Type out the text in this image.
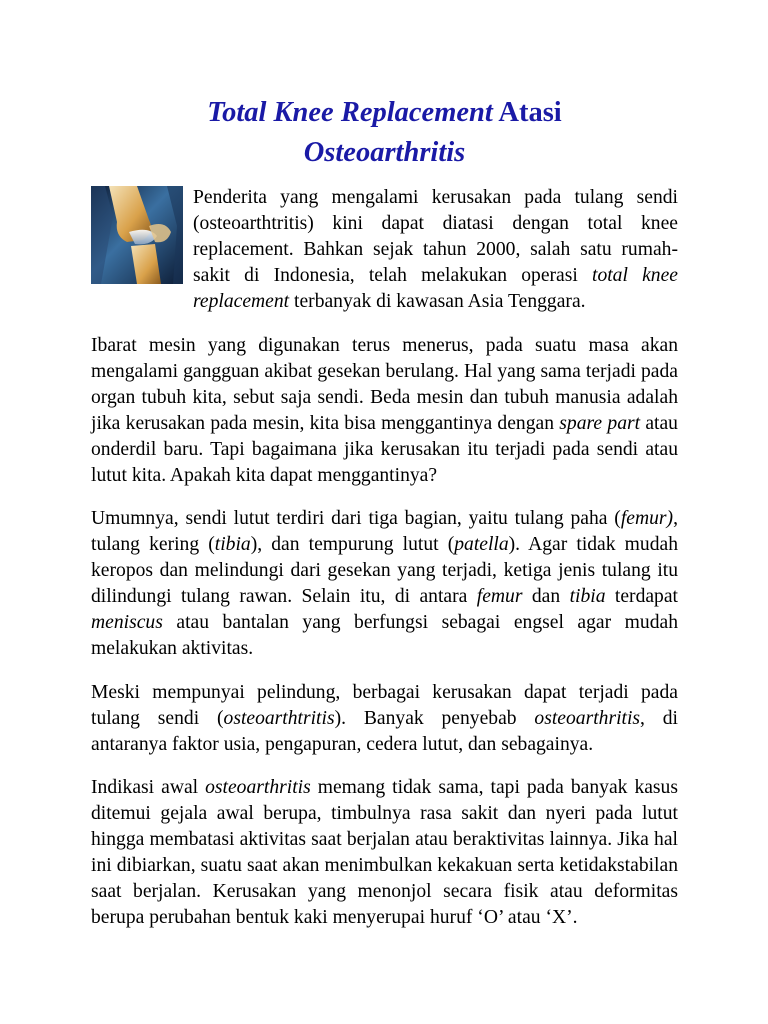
Total Knee Replacement Atasi
Osteoarthritis

Penderita yang mengalami kerusakan pada tulang sendi (osteoarthtritis) kini dapat diatasi dengan total knee replacement. Bahkan sejak tahun 2000, salah satu rumah-sakit di Indonesia, telah melakukan operasi total knee replacement terbanyak di kawasan Asia Tenggara.

Ibarat mesin yang digunakan terus menerus, pada suatu masa akan mengalami gangguan akibat gesekan berulang. Hal yang sama terjadi pada organ tubuh kita, sebut saja sendi. Beda mesin dan tubuh manusia adalah jika kerusakan pada mesin, kita bisa menggantinya dengan spare part atau onderdil baru. Tapi bagaimana jika kerusakan itu terjadi pada sendi atau lutut kita. Apakah kita dapat menggantinya?

Umumnya, sendi lutut terdiri dari tiga bagian, yaitu tulang paha (femur), tulang kering (tibia), dan tempurung lutut (patella). Agar tidak mudah keropos dan melindungi dari gesekan yang terjadi, ketiga jenis tulang itu dilindungi tulang rawan. Selain itu, di antara femur dan tibia terdapat meniscus atau bantalan yang berfungsi sebagai engsel agar mudah melakukan aktivitas.

Meski mempunyai pelindung, berbagai kerusakan dapat terjadi pada tulang sendi (osteoarthtritis). Banyak penyebab osteoarthritis, di antaranya faktor usia, pengapuran, cedera lutut, dan sebagainya.

Indikasi awal osteoarthritis memang tidak sama, tapi pada banyak kasus ditemui gejala awal berupa, timbulnya rasa sakit dan nyeri pada lutut hingga membatasi aktivitas saat berjalan atau beraktivitas lainnya. Jika hal ini dibiarkan, suatu saat akan menimbulkan kekakuan serta ketidakstabilan saat berjalan. Kerusakan yang menonjol secara fisik atau deformitas berupa perubahan bentuk kaki menyerupai huruf ‘O’ atau ‘X’.
